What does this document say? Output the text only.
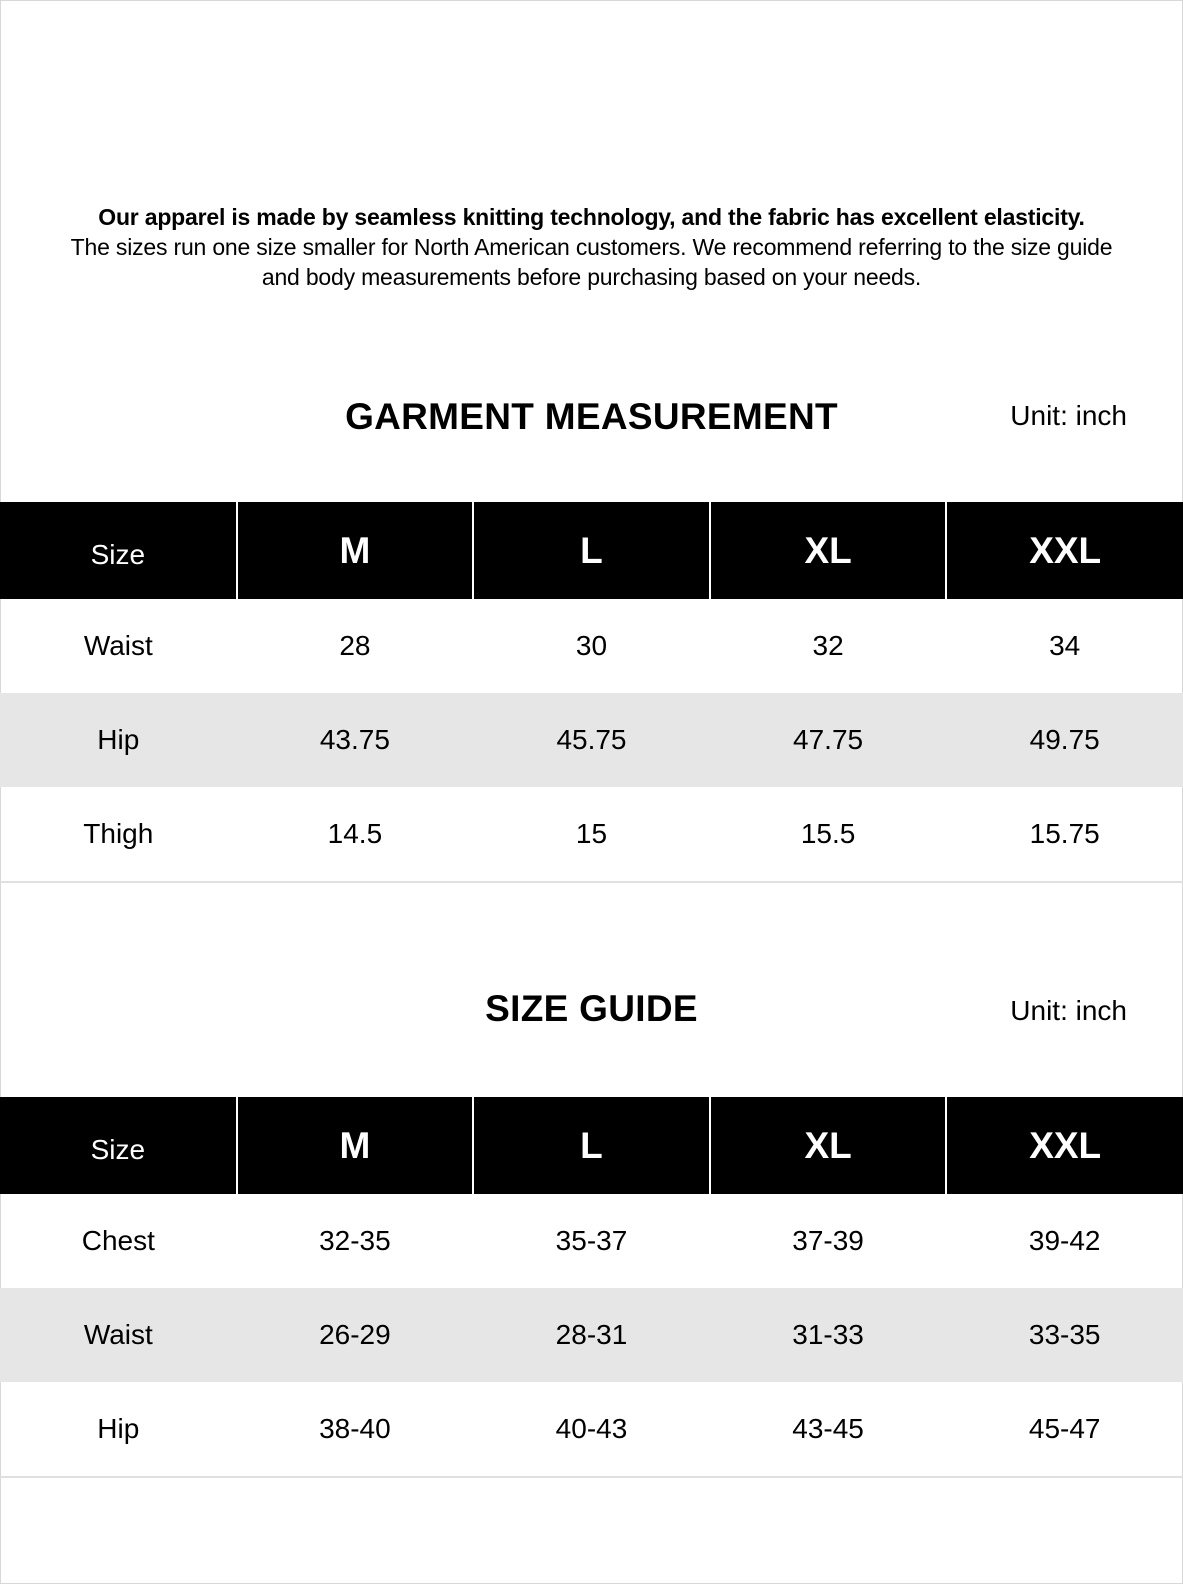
Our apparel is made by seamless knitting technology, and the fabric has excellent elasticity.
The sizes run one size smaller for North American customers. We recommend referring to the size guide and body measurements before purchasing based on your needs.
GARMENT MEASUREMENT	Unit: inch
Size	M	L	XL	XXL
Waist	28	30	32	34
Hip	43.75	45.75	47.75	49.75
Thigh	14.5	15	15.5	15.75
SIZE GUIDE	Unit: inch
Size	M	L	XL	XXL
Chest	32-35	35-37	37-39	39-42
Waist	26-29	28-31	31-33	33-35
Hip	38-40	40-43	43-45	45-47
